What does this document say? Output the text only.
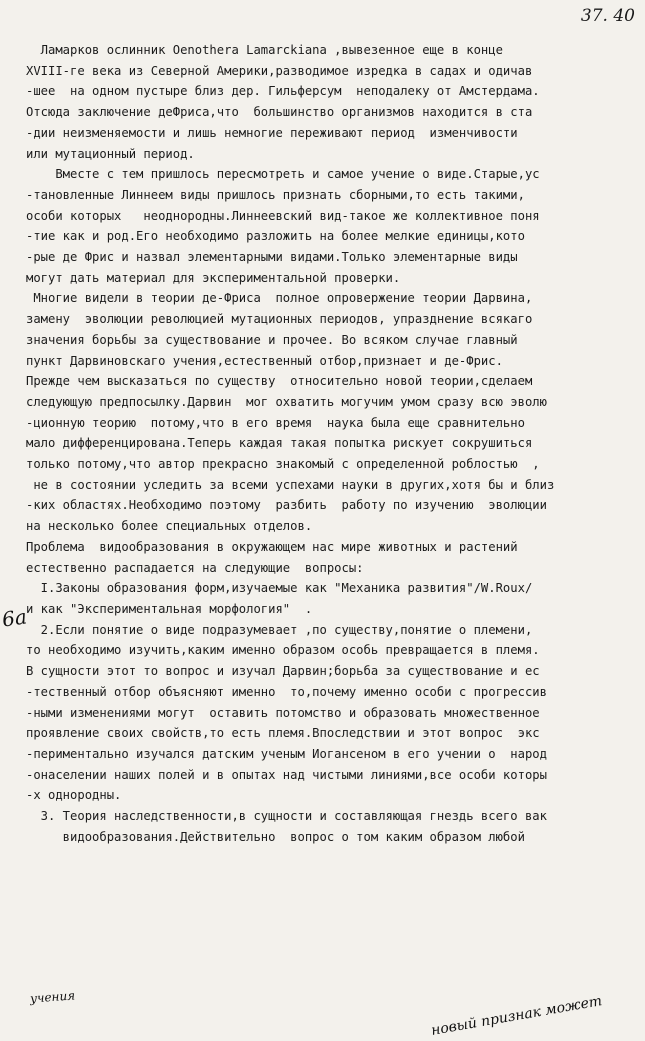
37. 40
6a
Ламарков ослинник Oenothera Lamarckiana ,вывезенное еще в конце
XVIII-ге века из Северной Америки,разводимое изредка в садах и одичав
-шее  на одном пустыре близ дер. Гильферсум  неподалеку от Амстердама.
Отсюда заключение деФриса,что  большинство организмов находится в ста
-дии неизменяемости и лишь немногие переживают период  изменчивости
или мутационный период.
Вместе с тем пришлось пересмотреть и самое учение о виде.Старые,ус
-тановленные Линнеем виды пришлось признать сборными,то есть такими,
особи которых   неоднородны.Линнеевский вид-такое же коллективное поня
-тие как и род.Его необходимо разложить на более мелкие единицы,кото
-рые де Фрис и назвал элементарными видами.Только элементарные виды
могут дать материал для экспериментальной проверки.
Многие видели в теории де-Фриса  полное опровержение теории Дарвина,
замену  эволюции революцией мутационных периодов, упразднение всякаго
значения борьбы за существование и прочее. Во всяком случае главный
пункт Дарвиновскаго учения,естественный отбор,признает и де-Фрис.
Прежде чем высказаться по существу  относительно новой теории,сделаем
следующую предпосылку.Дарвин  мог охватить могучим умом сразу всю эволю
-ционную теорию  потому,что в его время  наука была еще сравнительно
мало дифференцирована.Теперь каждая такая попытка рискует сокрушиться
только потому,что автор прекрасно знакомый с определенной роблостью  ,
не в состоянии уследить за всеми успехами науки в других,хотя бы и близ
-ких областях.Необходимо поэтому  разбить  работу по изучению  эволюции
на несколько более специальных отделов.
Проблема  видообразования в окружающем нас мире животных и растений
естественно распадается на следующие  вопросы:
I.Законы образования форм,изучаемые как "Механика развития"/W.Roux/
и как "Экспериментальная морфология"  .
2.Если понятие о виде подразумевает ,по существу,понятие о племени,
то необходимо изучить,каким именно образом особь превращается в племя.
В сущности этот то вопрос и изучал Дарвин;борьба за существование и ес
-тественный отбор объясняют именно  то,почему именно особи с прогрессив
-ными изменениями могут  оставить потомство и образовать множественное
проявление своих свойств,то есть племя.Впоследствии и этот вопрос  экс
-периментально изучался датским ученым Иогансеном в его учении о  народ
-онаселении наших полей и в опытах над чистыми линиями,все особи которы
-х однородны.
3. Теория наследственности,в сущности и составляющая гнездь всего вак
видообразования.Действительно  вопрос о том каким образом любой
учения	новый признак может
